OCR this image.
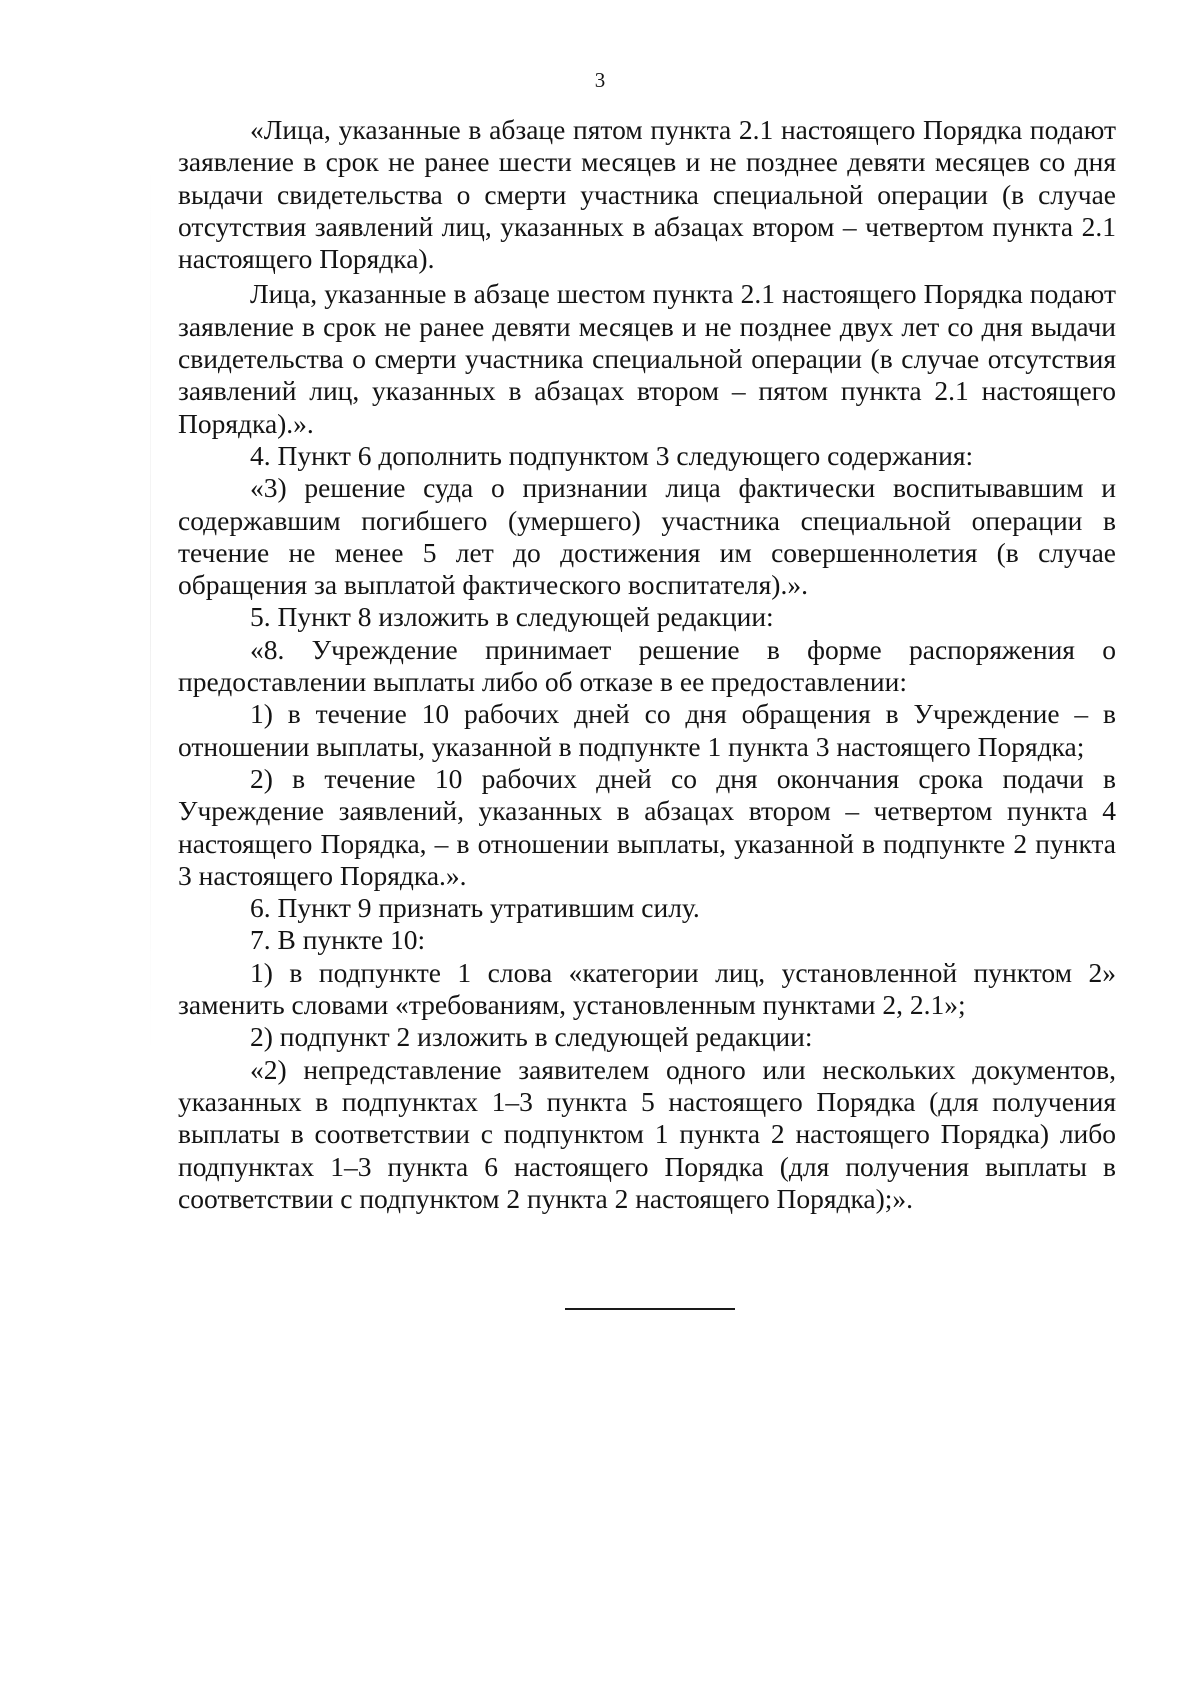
3

«Лица, указанные в абзаце пятом пункта 2.1 настоящего Порядка подают заявление в срок не ранее шести месяцев и не позднее девяти месяцев со дня выдачи свидетельства о смерти участника специальной операции (в случае отсутствия заявлений лиц, указанных в абзацах втором – четвертом пункта 2.1 настоящего Порядка).

Лица, указанные в абзаце шестом пункта 2.1 настоящего Порядка подают заявление в срок не ранее девяти месяцев и не позднее двух лет со дня выдачи свидетельства о смерти участника специальной операции (в случае отсутствия заявлений лиц, указанных в абзацах втором – пятом пункта 2.1 настоящего Порядка).».

4. Пункт 6 дополнить подпунктом 3 следующего содержания:

«3) решение суда о признании лица фактически воспитывавшим и содержавшим погибшего (умершего) участника специальной операции в течение не менее 5 лет до достижения им совершеннолетия (в случае обращения за выплатой фактического воспитателя).».

5. Пункт 8 изложить в следующей редакции:

«8. Учреждение принимает решение в форме распоряжения о предоставлении выплаты либо об отказе в ее предоставлении:

1) в течение 10 рабочих дней со дня обращения в Учреждение – в отношении выплаты, указанной в подпункте 1 пункта 3 настоящего Порядка;

2) в течение 10 рабочих дней со дня окончания срока подачи в Учреждение заявлений, указанных в абзацах втором – четвертом пункта 4 настоящего Порядка, – в отношении выплаты, указанной в подпункте 2 пункта 3 настоящего Порядка.».

6. Пункт 9 признать утратившим силу.

7. В пункте 10:

1) в подпункте 1 слова «категории лиц, установленной пунктом 2» заменить словами «требованиям, установленным пунктами 2, 2.1»;

2) подпункт 2 изложить в следующей редакции:

«2) непредставление заявителем одного или нескольких документов, указанных в подпунктах 1–3 пункта 5 настоящего Порядка (для получения выплаты в соответствии с подпунктом 1 пункта 2 настоящего Порядка) либо подпунктах 1–3 пункта 6 настоящего Порядка (для получения выплаты в соответствии с подпунктом 2 пункта 2 настоящего Порядка);».
